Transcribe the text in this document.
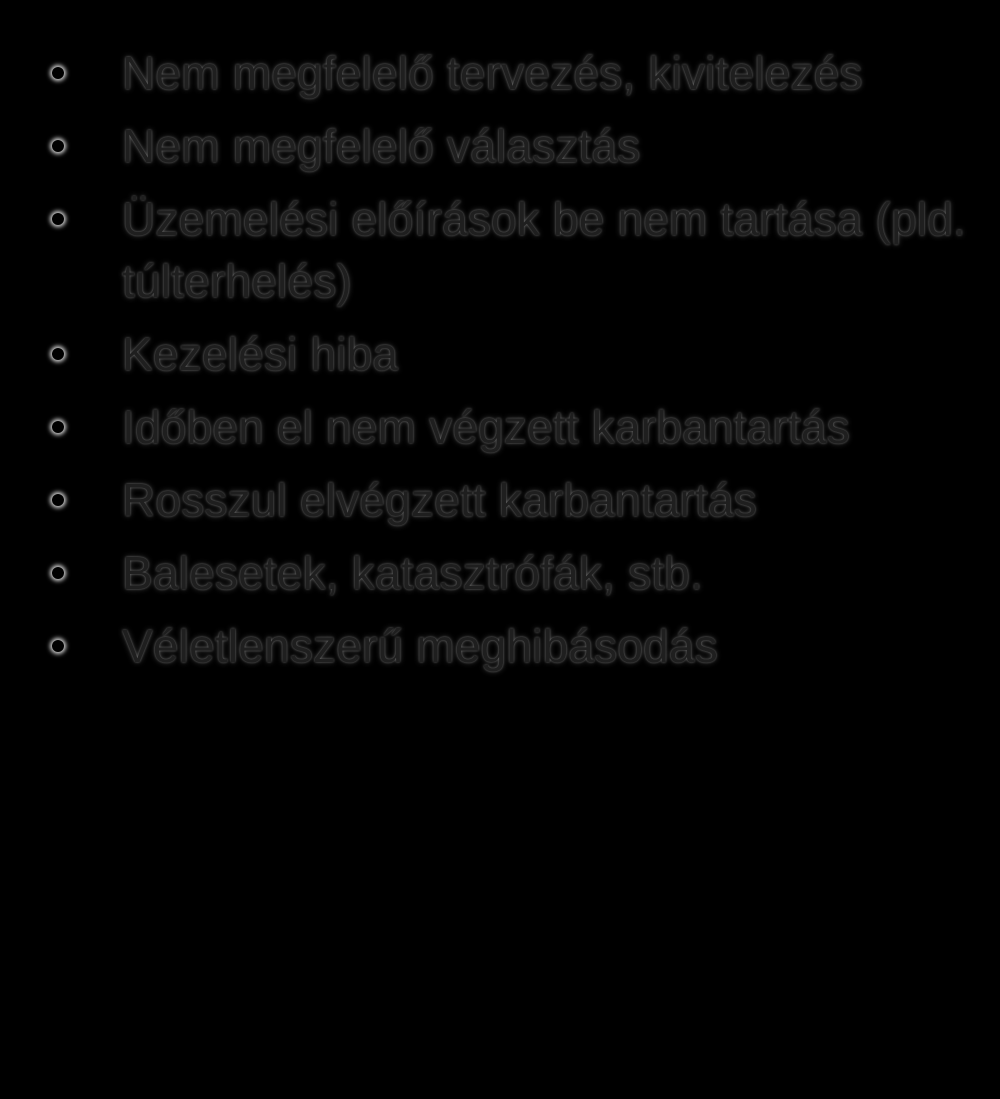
Nem megfelelő tervezés, kivitelezés
Nem megfelelő választás
Üzemelési előírások be nem tartása (pld. túlterhelés)
Kezelési hiba
Időben el nem végzett karbantartás
Rosszul elvégzett karbantartás
Balesetek, katasztrófák, stb.
Véletlenszerű meghibásodás
